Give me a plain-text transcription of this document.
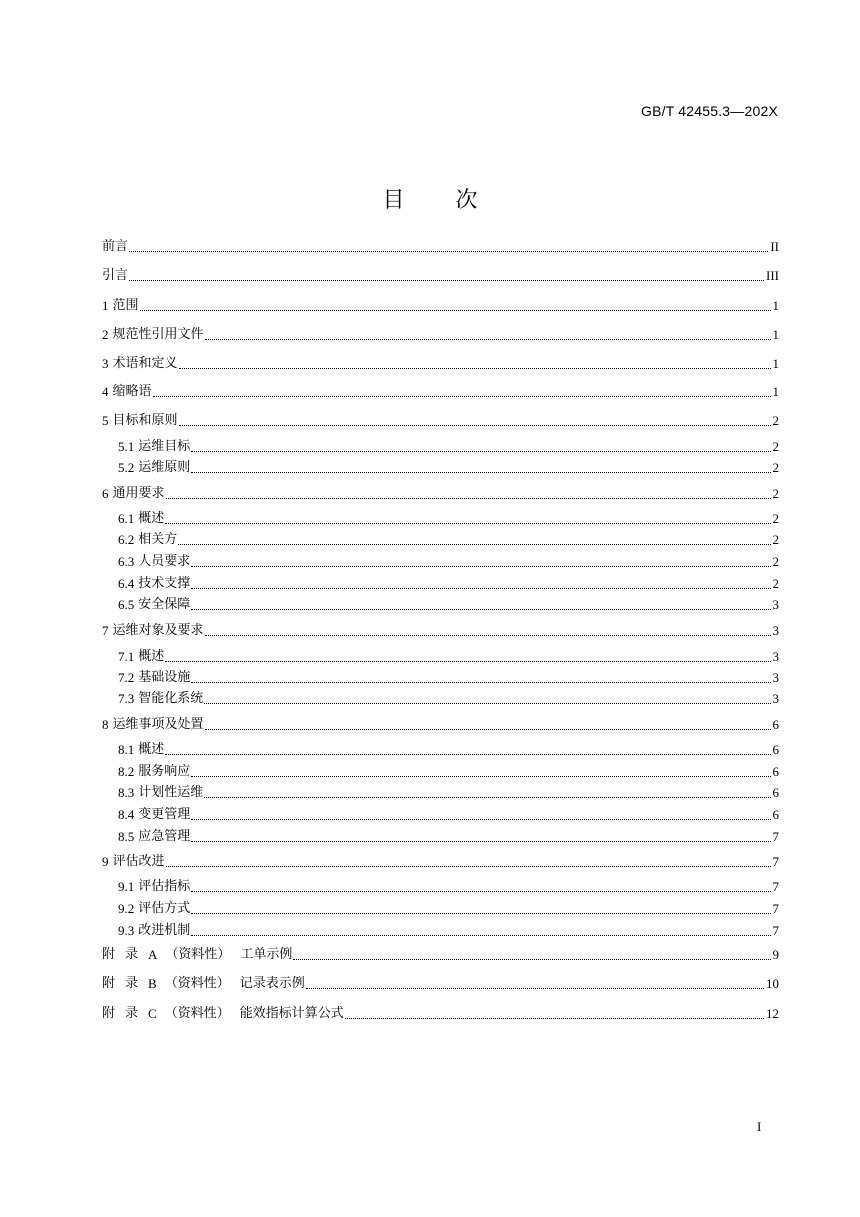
GB/T 42455.3—202X
目 次
前言	II
引言	III
1 范围	1
2 规范性引用文件	1
3 术语和定义	1
4 缩略语	1
5 目标和原则	2
5.1 运维目标	2
5.2 运维原则	2
6 通用要求	2
6.1 概述	2
6.2 相关方	2
6.3 人员要求	2
6.4 技术支撑	2
6.5 安全保障	3
7 运维对象及要求	3
7.1 概述	3
7.2 基础设施	3
7.3 智能化系统	3
8 运维事项及处置	6
8.1 概述	6
8.2 服务响应	6
8.3 计划性运维	6
8.4 变更管理	6
8.5 应急管理	7
9 评估改进	7
9.1 评估指标	7
9.2 评估方式	7
9.3 改进机制	7
附录 A （资料性） 工单示例	9
附录 B （资料性） 记录表示例	10
附录 C （资料性） 能效指标计算公式	12
I
